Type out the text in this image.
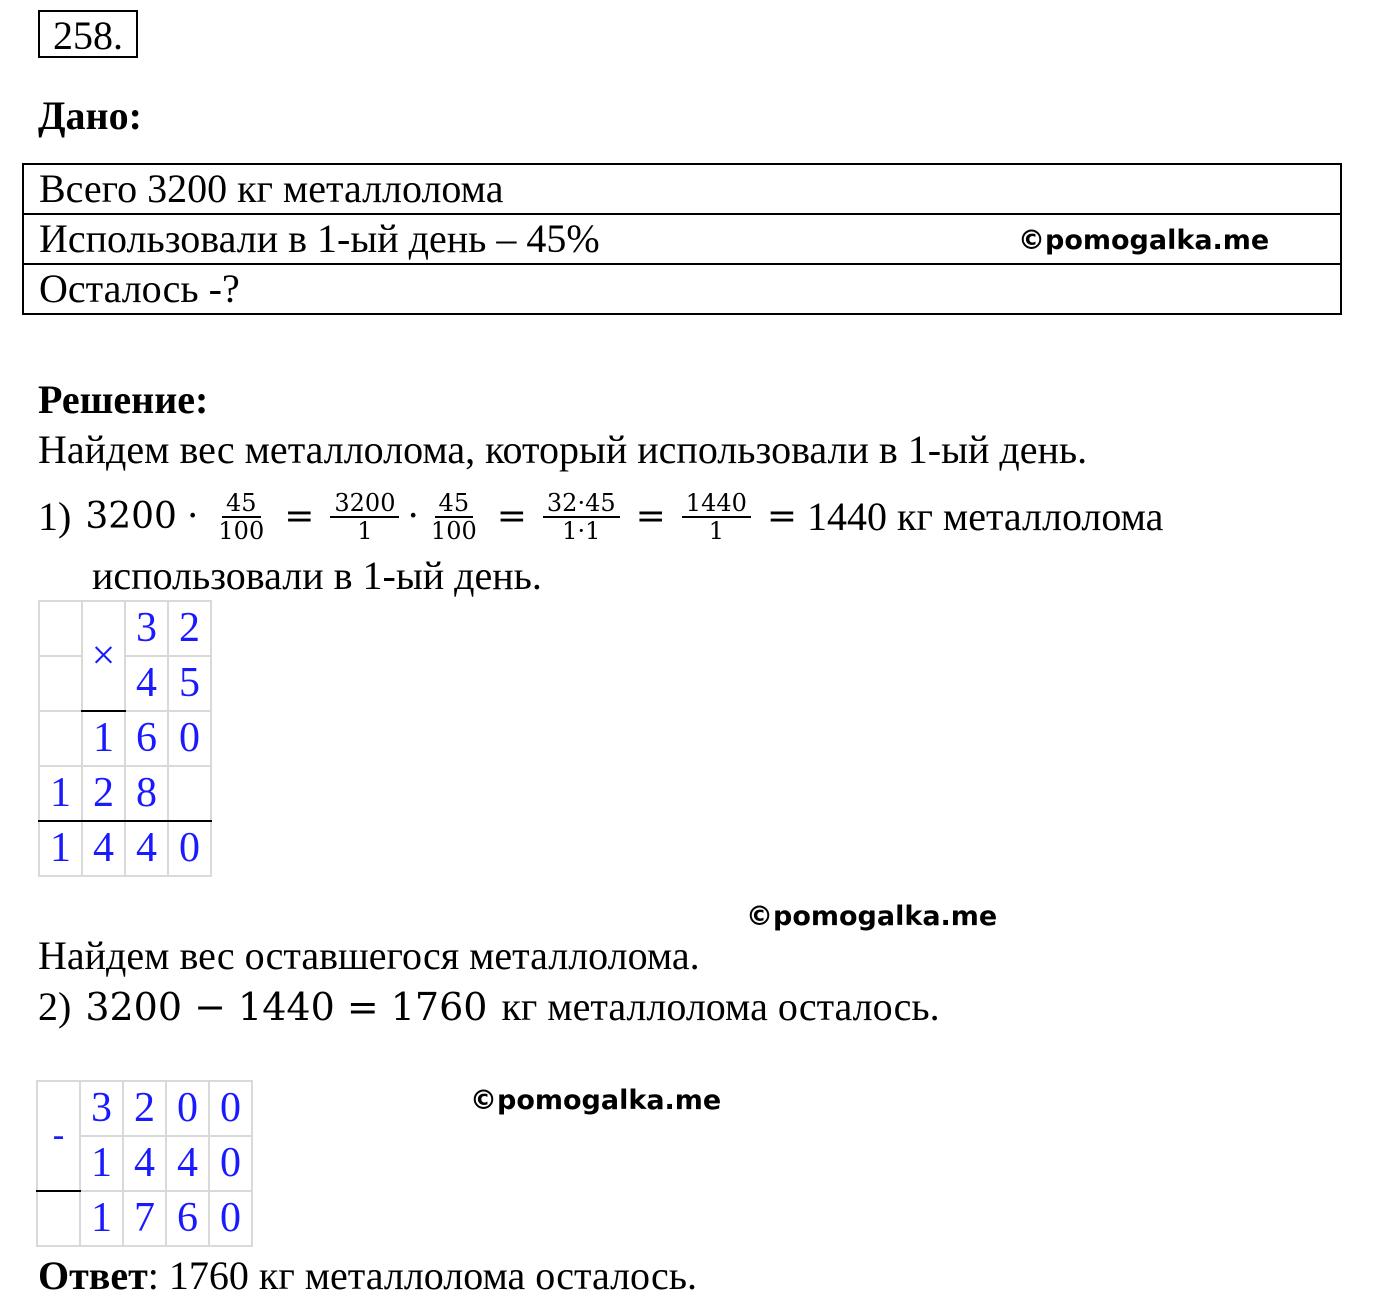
258.
Дано:
Всего 3200 кг металлолома
Использовали в 1-ый день – 45%
Осталось -?
©pomogalka.me
Решение:
Найдем вес металлолома, который использовали в 1-ый день.
1) $3200 \cdot \frac{45}{100} = \frac{3200}{1} \cdot \frac{45}{100} = \frac{32\cdot 45}{1\cdot 1} = \frac{1440}{1} = 1440$ кг металлолома
использовали в 1-ый день.
	×	3	2
		4	5
	1	6	0
1	2	8	
1	4	4	0
©pomogalka.me
Найдем вес оставшегося металлолома.
2) 3200 − 1440 = 1760 кг металлолома осталось.
©pomogalka.me
-	3	2	0	0
	1	4	4	0
	1	7	6	0
Ответ: 1760 кг металлолома осталось.
